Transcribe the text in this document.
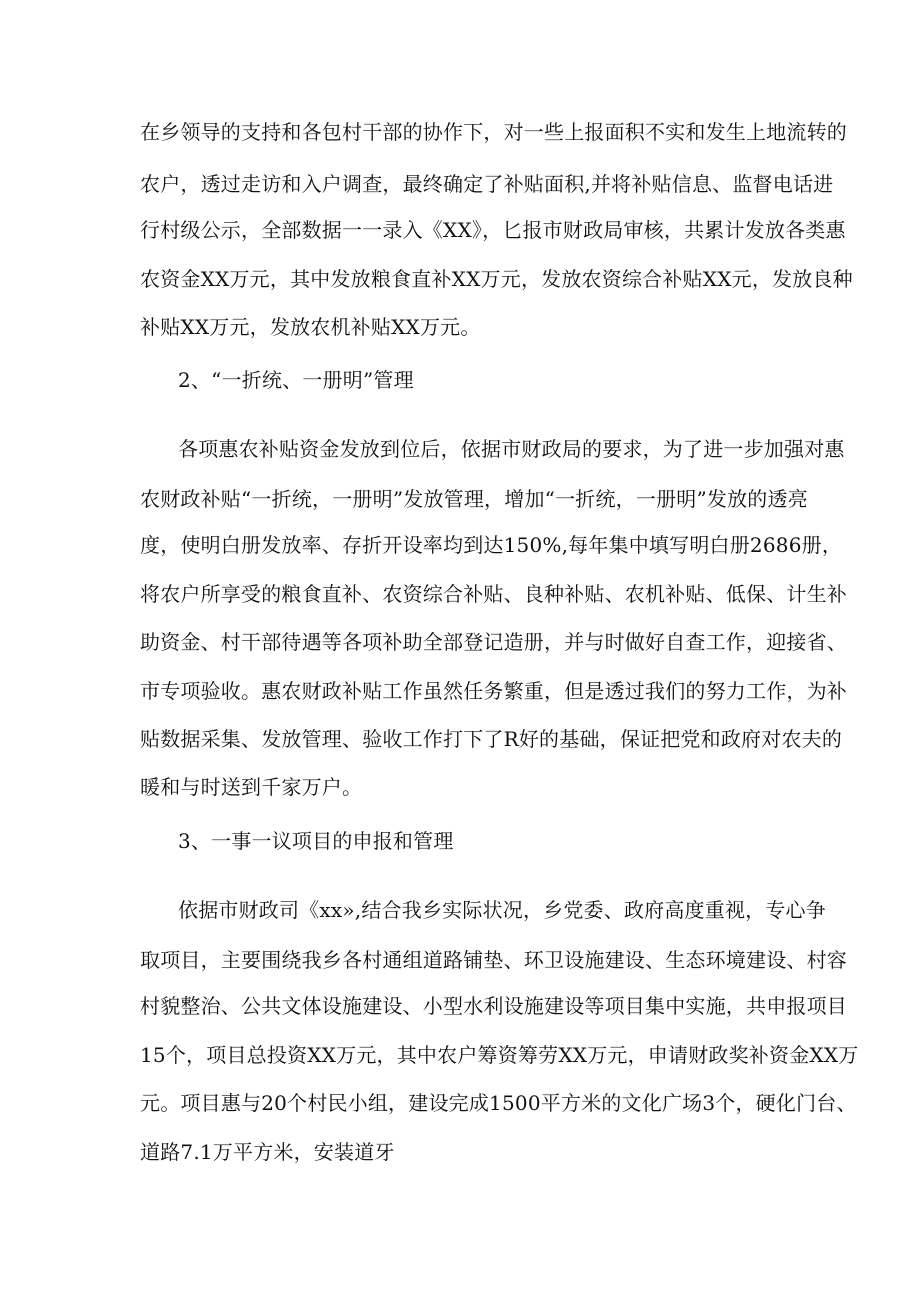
在乡领导的支持和各包村干部的协作下，对一些上报面积不实和发生上地流转的
农户，透过走访和入户调查，最终确定了补贴面积,并将补贴信息、监督电话进
行村级公示，全部数据一一录入《XX》，匕报市财政局审核，共累计发放各类惠
农资金XX万元，其中发放粮食直补XX万元，发放农资综合补贴XX元，发放良种
补贴XX万元，发放农机补贴XX万元。
2、“一折统、一册明”管理
各项惠农补贴资金发放到位后，依据市财政局的要求，为了进一步加强对惠
农财政补贴“一折统，一册明”发放管理，增加“一折统，一册明”发放的透亮
度，使明白册发放率、存折开设率均到达150%,每年集中填写明白册2686册，
将农户所享受的粮食直补、农资综合补贴、良种补贴、农机补贴、低保、计生补
助资金、村干部待遇等各项补助全部登记造册，并与时做好自查工作，迎接省、
市专项验收。惠农财政补贴工作虽然任务繁重，但是透过我们的努力工作，为补
贴数据采集、发放管理、验收工作打下了R好的基础，保证把党和政府对农夫的
暖和与时送到千家万户。
3、一事一议项目的申报和管理
依据市财政司《xx»,结合我乡实际状况，乡党委、政府高度重视，专心争
取项目，主要围绕我乡各村通组道路铺垫、环卫设施建设、生态环境建设、村容
村貌整治、公共文体设施建设、小型水利设施建设等项目集中实施，共申报项目
15个，项目总投资XX万元，其中农户筹资筹劳XX万元，申请财政奖补资金XX万
元。项目惠与20个村民小组，建设完成1500平方米的文化广场3个，硬化门台、
道路7.1万平方米，安装道牙
